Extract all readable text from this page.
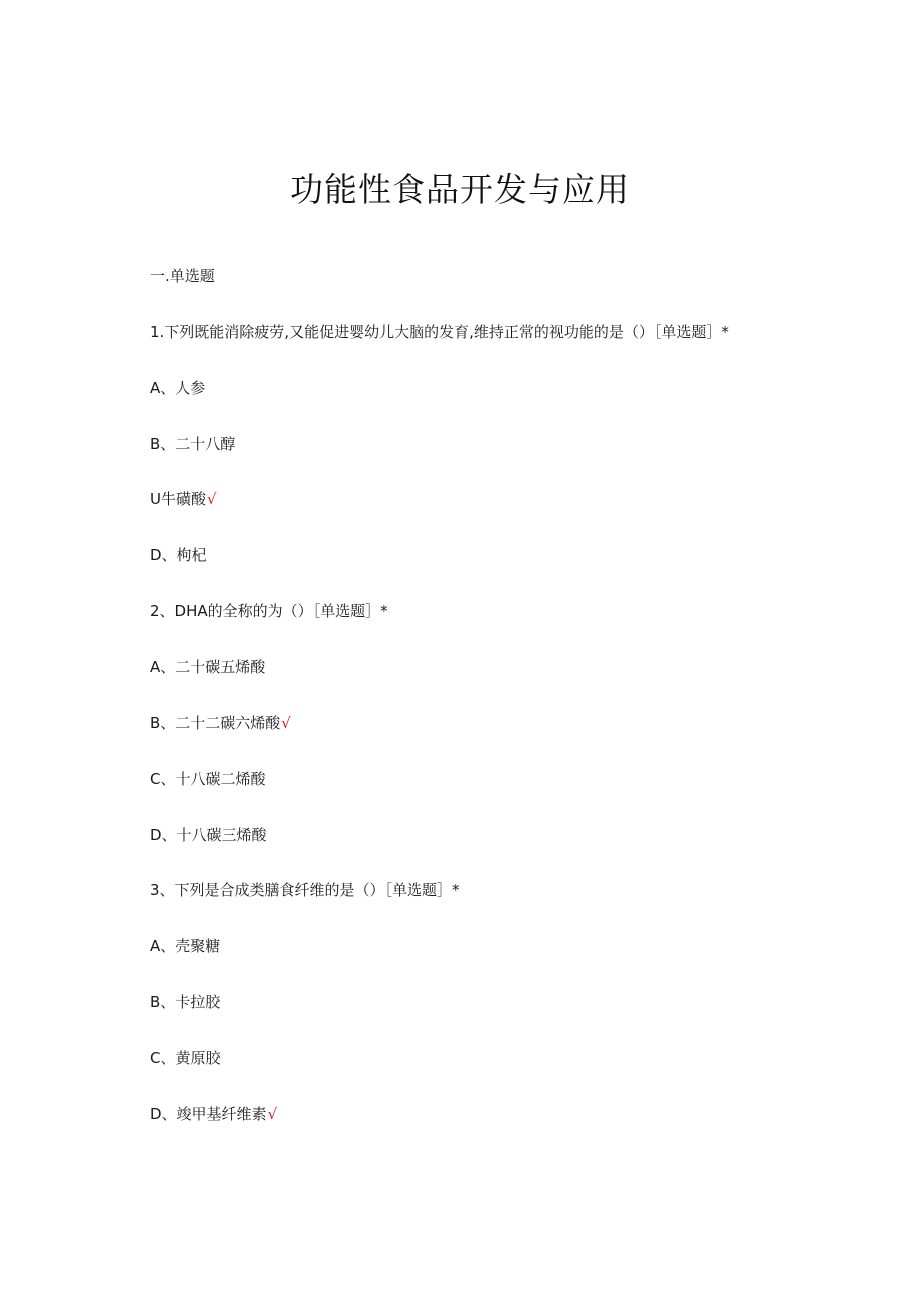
功能性食品开发与应用
一.单选题
1.下列既能消除疲劳,又能促进婴幼儿大脑的发育,维持正常的视功能的是（）［单选题］*
A、人参
B、二十八醇
U牛磺酸√
D、枸杞
2、DHA的全称的为（）［单选题］*
A、二十碳五烯酸
B、二十二碳六烯酸√
C、十八碳二烯酸
D、十八碳三烯酸
3、下列是合成类膳食纤维的是（）［单选题］*
A、壳聚糖
B、卡拉胶
C、黄原胶
D、竣甲基纤维素√
